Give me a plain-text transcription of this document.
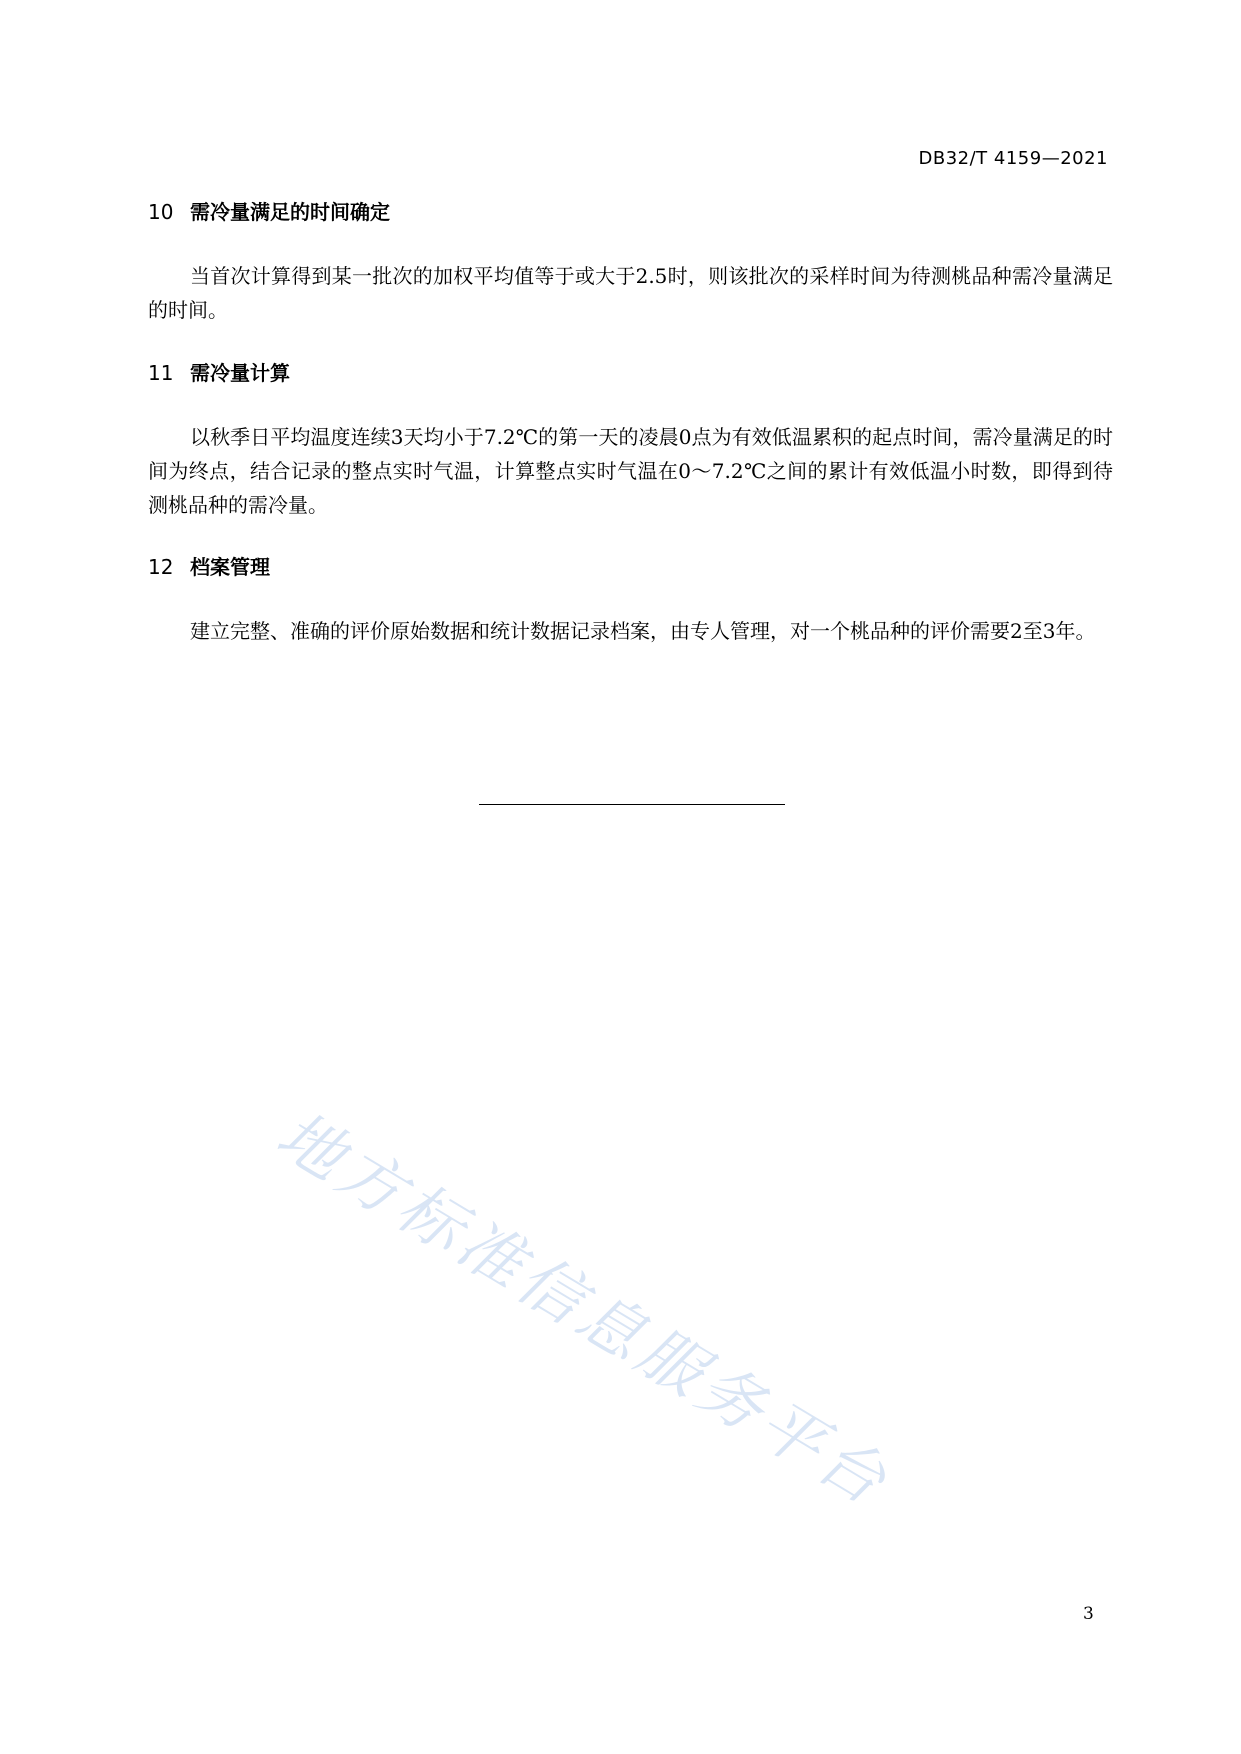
DB32/T 4159—2021
10 需冷量满足的时间确定
当首次计算得到某一批次的加权平均值等于或大于2.5时，则该批次的采样时间为待测桃品种需冷量满足的时间。
11 需冷量计算
以秋季日平均温度连续3天均小于7.2℃的第一天的凌晨0点为有效低温累积的起点时间，需冷量满足的时间为终点，结合记录的整点实时气温，计算整点实时气温在0～7.2℃之间的累计有效低温小时数，即得到待测桃品种的需冷量。
12 档案管理
建立完整、准确的评价原始数据和统计数据记录档案，由专人管理，对一个桃品种的评价需要2至3年。
地方标准信息服务平台
3
